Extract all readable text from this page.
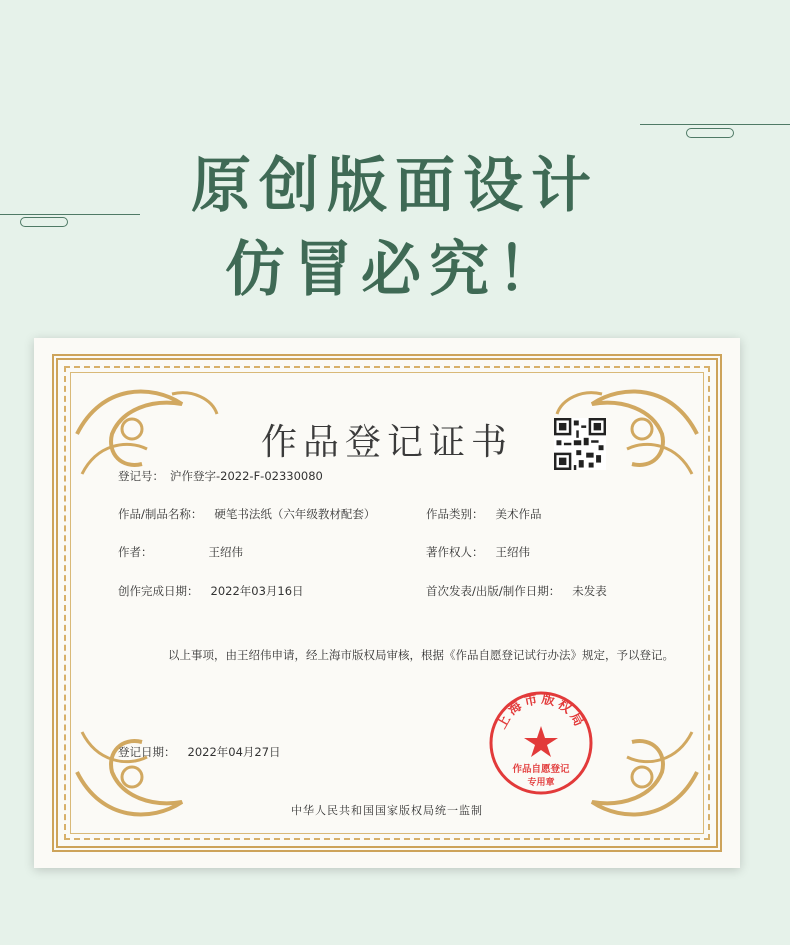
原创版面设计
仿冒必究！
作品登记证书
登记号： 沪作登字-2022-F-02330080
作品/制品名称： 硬笔书法纸（六年级教材配套）	作品类别： 美术作品
作者：	王绍伟	著作权人： 王绍伟
创作完成日期： 2022年03月16日	首次发表/出版/制作日期： 未发表
以上事项，由王绍伟申请，经上海市版权局审核，根据《作品自愿登记试行办法》规定，予以登记。
登记日期： 2022年04月27日
上海市版权局
作品自愿登记
专用章
中华人民共和国国家版权局统一监制
